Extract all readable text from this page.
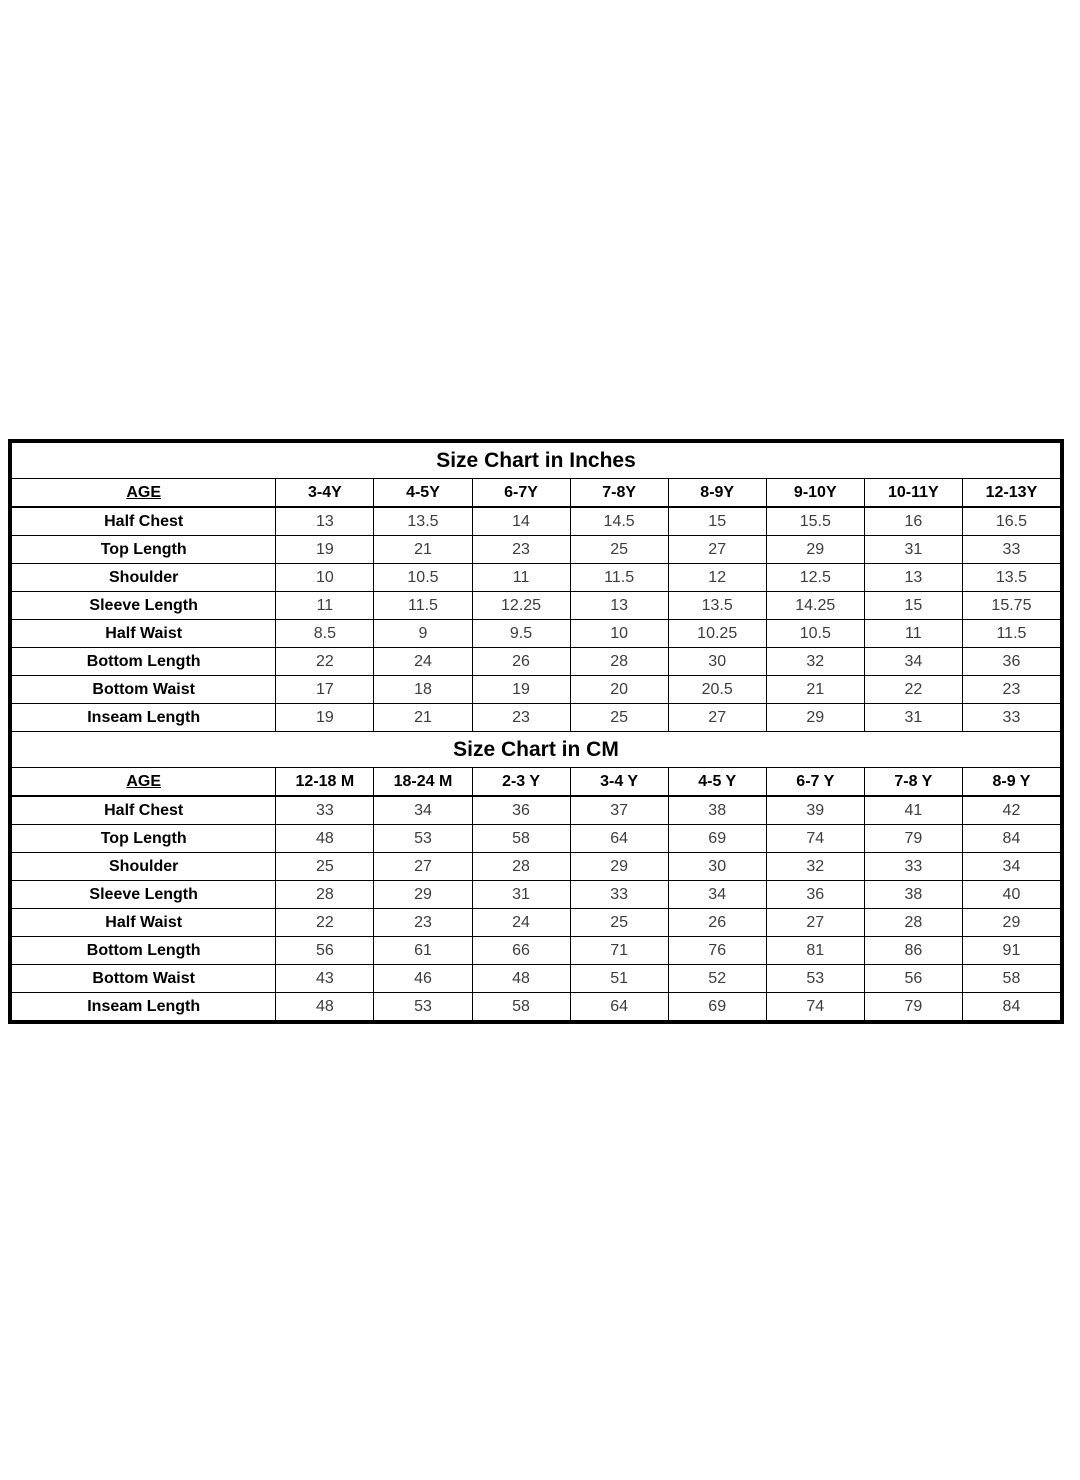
Size Chart in Inches								
AGE	3-4Y	4-5Y	6-7Y	7-8Y	8-9Y	9-10Y	10-11Y	12-13Y
Half Chest	13	13.5	14	14.5	15	15.5	16	16.5
Top Length	19	21	23	25	27	29	31	33
Shoulder	10	10.5	11	11.5	12	12.5	13	13.5
Sleeve Length	11	11.5	12.25	13	13.5	14.25	15	15.75
Half Waist	8.5	9	9.5	10	10.25	10.5	11	11.5
Bottom Length	22	24	26	28	30	32	34	36
Bottom Waist	17	18	19	20	20.5	21	22	23
Inseam Length	19	21	23	25	27	29	31	33
Size Chart in CM								
AGE	12-18 M	18-24 M	2-3 Y	3-4 Y	4-5 Y	6-7 Y	7-8 Y	8-9 Y
Half Chest	33	34	36	37	38	39	41	42
Top Length	48	53	58	64	69	74	79	84
Shoulder	25	27	28	29	30	32	33	34
Sleeve Length	28	29	31	33	34	36	38	40
Half Waist	22	23	24	25	26	27	28	29
Bottom Length	56	61	66	71	76	81	86	91
Bottom Waist	43	46	48	51	52	53	56	58
Inseam Length	48	53	58	64	69	74	79	84
